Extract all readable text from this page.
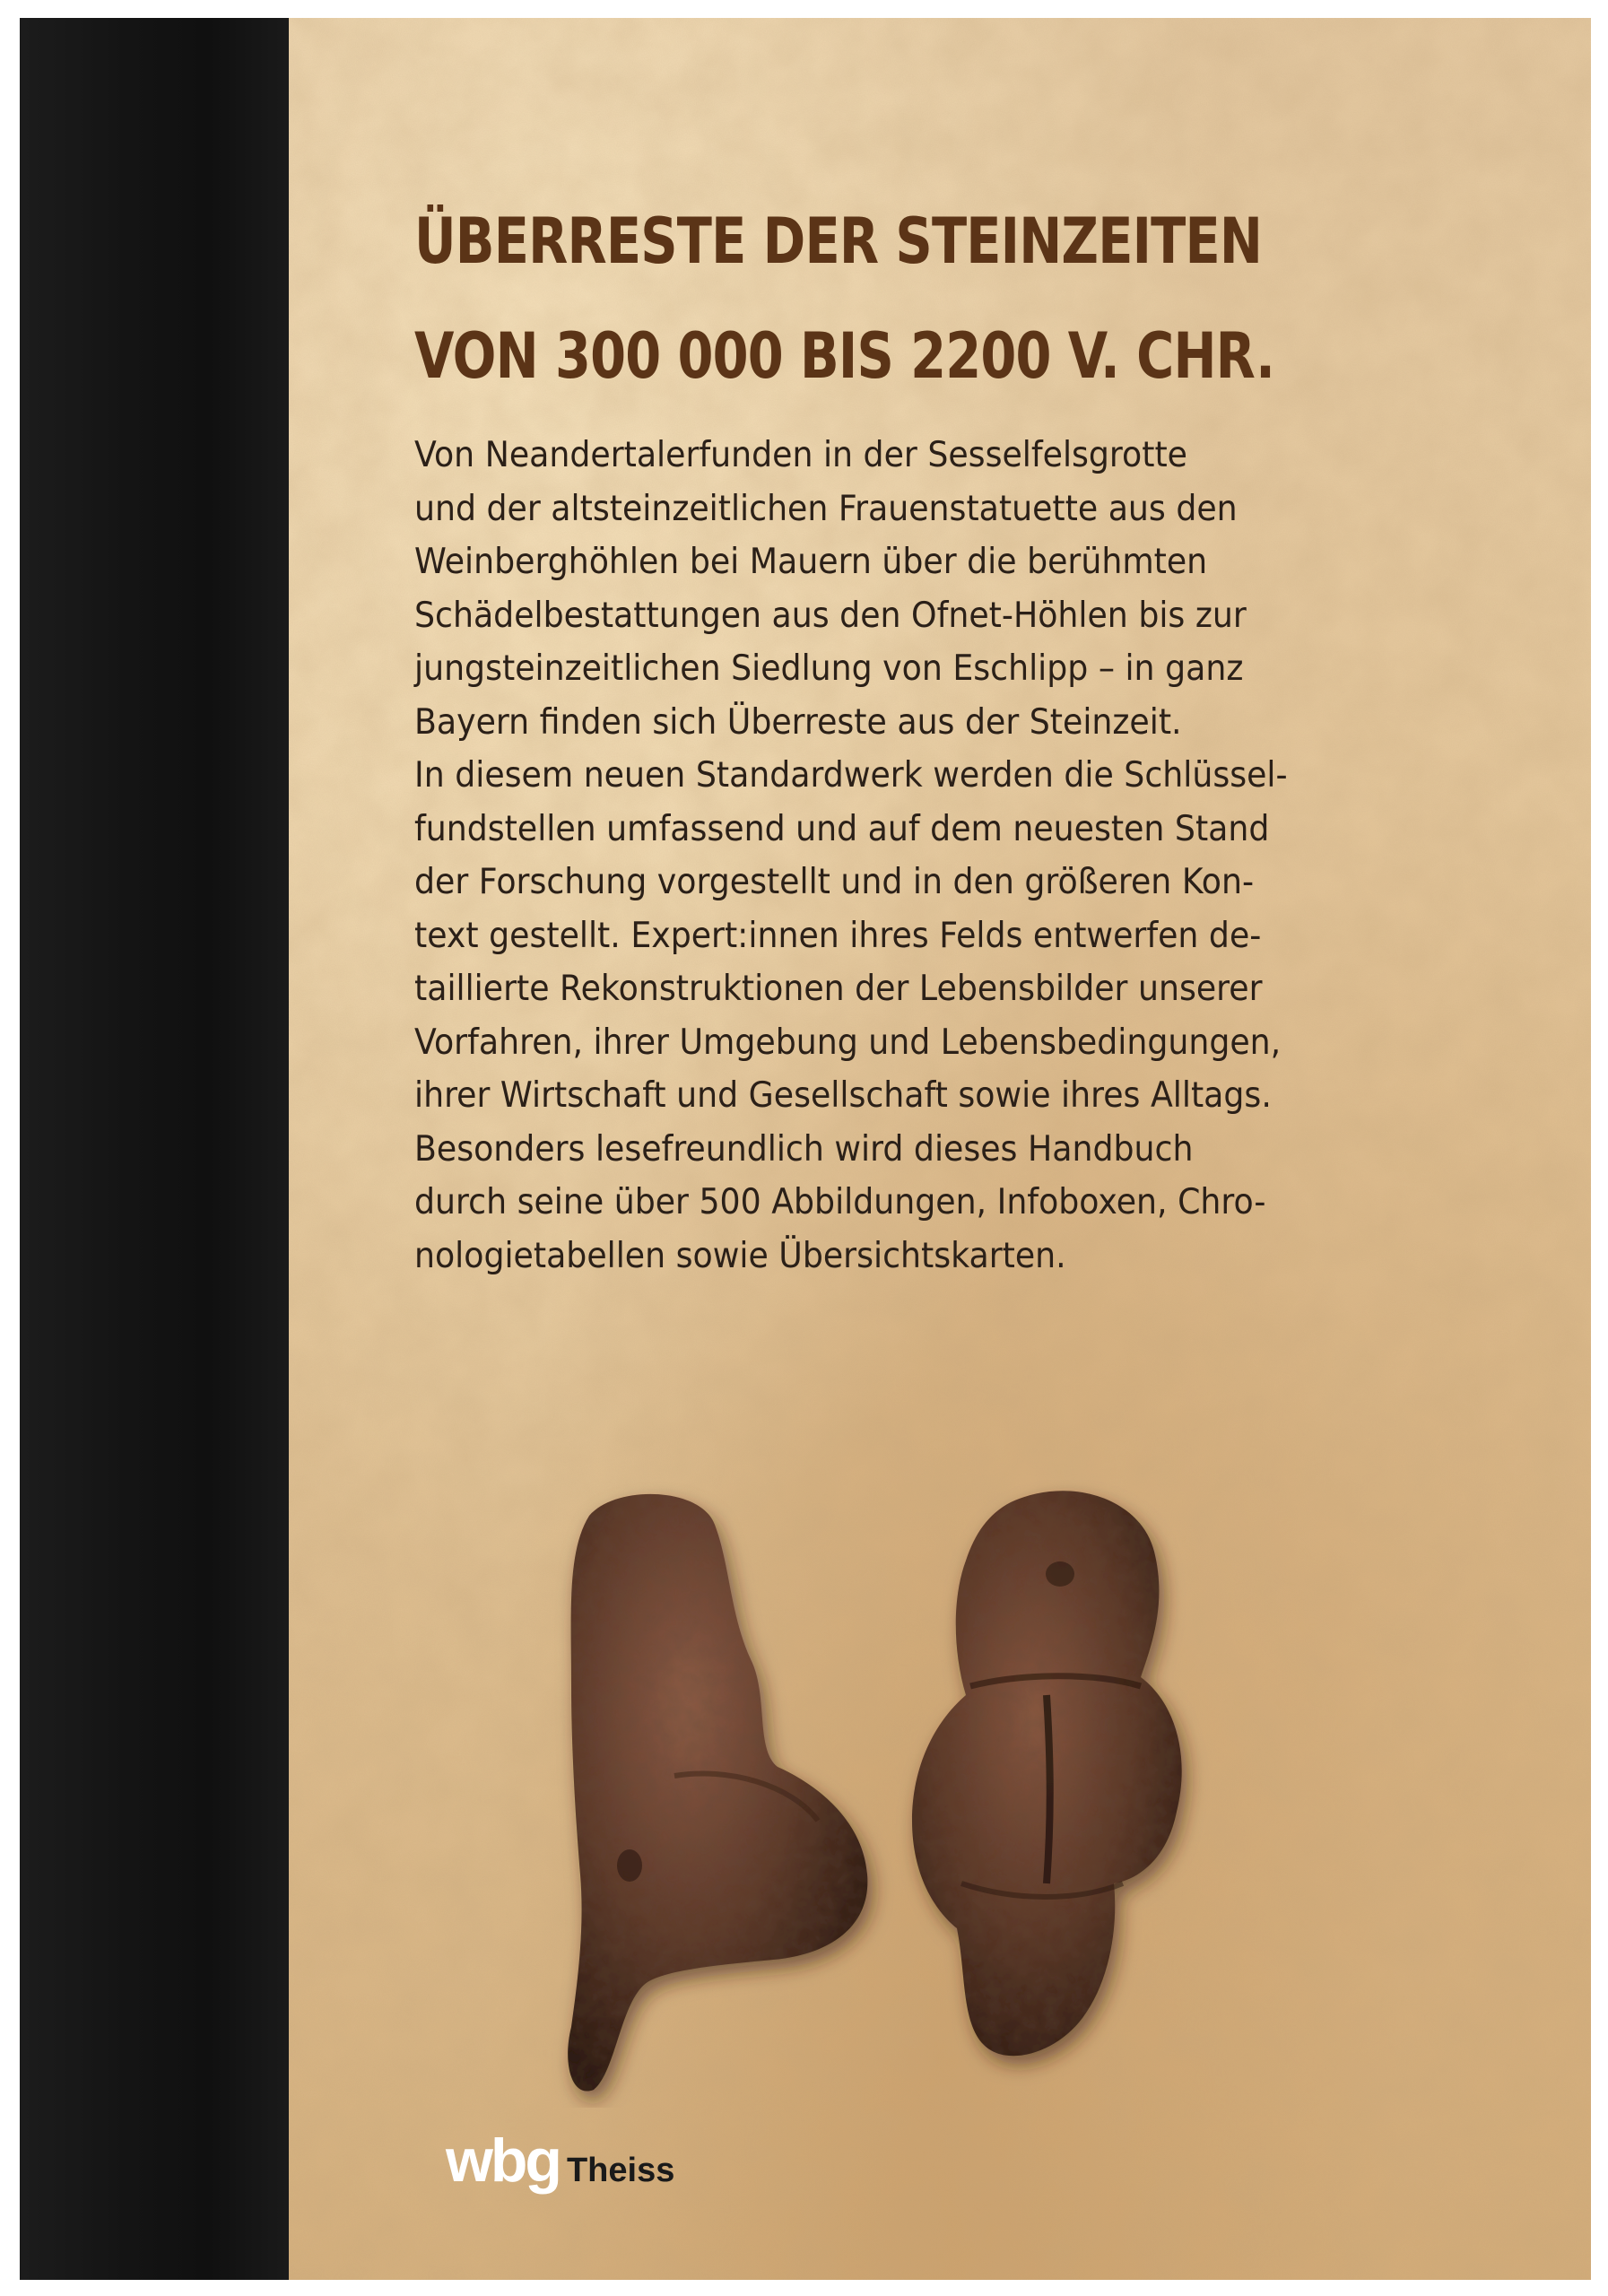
ÜBERRESTE DER STEINZEITEN
VON 300 000 BIS 2200 V. CHR.
Von Neandertalerfunden in der Sesselfelsgrotte
und der altsteinzeitlichen Frauenstatuette aus den
Weinberghöhlen bei Mauern über die berühmten
Schädelbestattungen aus den Ofnet-Höhlen bis zur
jungsteinzeitlichen Siedlung von Eschlipp – in ganz
Bayern finden sich Überreste aus der Steinzeit.
In diesem neuen Standardwerk werden die Schlüssel-
fundstellen umfassend und auf dem neuesten Stand
der Forschung vorgestellt und in den größeren Kon-
text gestellt. Expert:innen ihres Felds entwerfen de-
taillierte Rekonstruktionen der Lebensbilder unserer
Vorfahren, ihrer Umgebung und Lebensbedingungen,
ihrer Wirtschaft und Gesellschaft sowie ihres Alltags.
Besonders lesefreundlich wird dieses Handbuch
durch seine über 500 Abbildungen, Infoboxen, Chro-
nologietabellen sowie Übersichtskarten.
wbg Theiss
